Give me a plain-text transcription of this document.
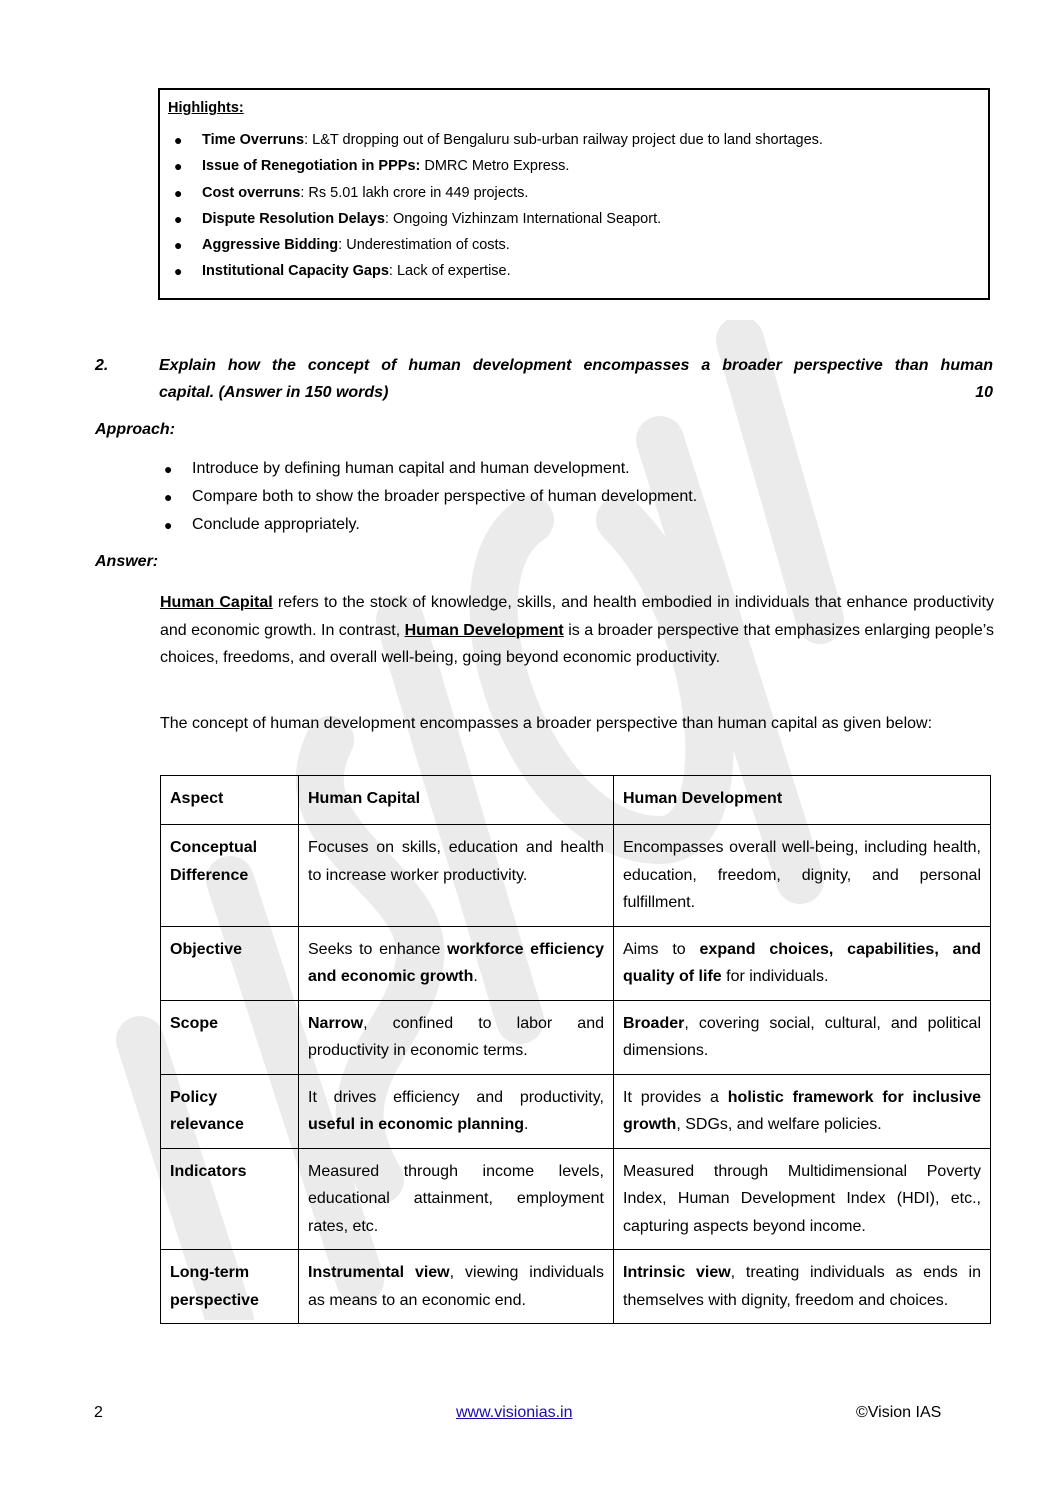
Highlights:
● Time Overruns: L&T dropping out of Bengaluru sub-urban railway project due to land shortages.
● Issue of Renegotiation in PPPs: DMRC Metro Express.
● Cost overruns: Rs 5.01 lakh crore in 449 projects.
● Dispute Resolution Delays: Ongoing Vizhinzam International Seaport.
● Aggressive Bidding: Underestimation of costs.
● Institutional Capacity Gaps: Lack of expertise.
2.	Explain how the concept of human development encompasses a broader perspective than human
capital. (Answer in 150 words)	10
Approach:
● Introduce by defining human capital and human development.
● Compare both to show the broader perspective of human development.
● Conclude appropriately.
Answer:

Human Capital refers to the stock of knowledge, skills, and health embodied in individuals that enhance productivity and economic growth. In contrast, Human Development is a broader perspective that emphasizes enlarging people’s choices, freedoms, and overall well-being, going beyond economic productivity.

The concept of human development encompasses a broader perspective than human capital as given below:

Aspect	Human Capital	Human Development
Conceptual Difference	Focuses on skills, education and health to increase worker productivity.	Encompasses overall well-being, including health, education, freedom, dignity, and personal fulfillment.
Objective	Seeks to enhance workforce efficiency and economic growth.	Aims to expand choices, capabilities, and quality of life for individuals.
Scope	Narrow, confined to labor and productivity in economic terms.	Broader, covering social, cultural, and political dimensions.
Policy relevance	It drives efficiency and productivity, useful in economic planning.	It provides a holistic framework for inclusive growth, SDGs, and welfare policies.
Indicators	Measured through income levels, educational attainment, employment rates, etc.	Measured through Multidimensional Poverty Index, Human Development Index (HDI), etc., capturing aspects beyond income.
Long-term perspective	Instrumental view, viewing individuals as means to an economic end.	Intrinsic view, treating individuals as ends in themselves with dignity, freedom and choices.
2	www.visionias.in	©Vision IAS
